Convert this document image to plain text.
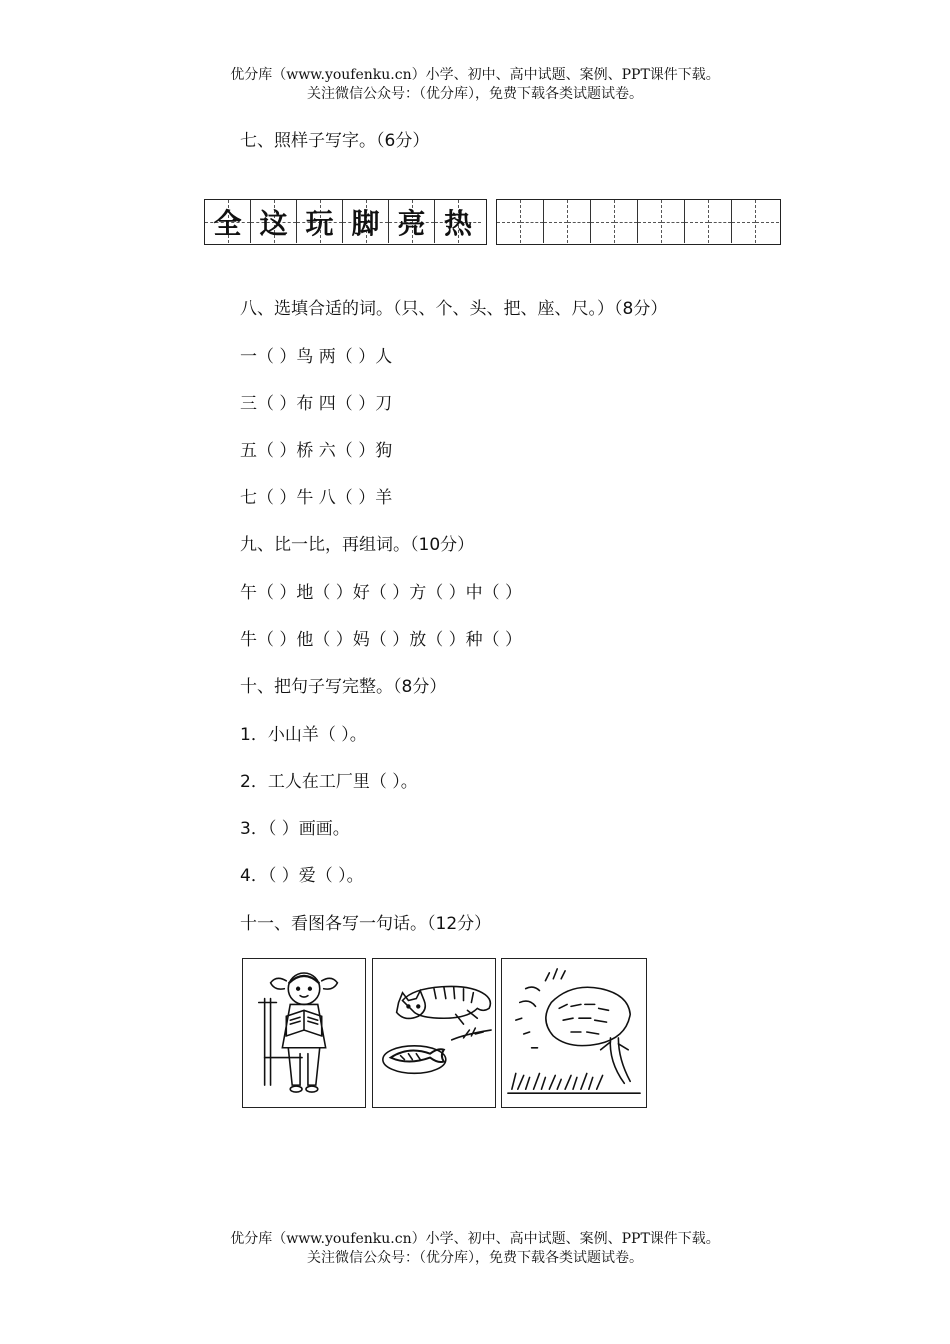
优分库（www.youfenku.cn）小学、初中、高中试题、案例、PPT课件下载。
关注微信公众号：（优分库），免费下载各类试题试卷。
七、照样子写字。（6分）
全 这 玩 脚 亮 热
八、选填合适的词。（只、个、头、把、座、尺。）（8分）
一（ ）鸟 两（ ）人
三（ ）布 四（ ）刀
五（ ）桥 六（ ）狗
七（ ）牛 八（ ）羊
九、比一比，再组词。（10分）
午（ ）地（ ）好（ ）方（ ）中（ ）
牛（ ）他（ ）妈（ ）放（ ）种（ ）
十、把句子写完整。（8分）
1．小山羊（ ）。
2．工人在工厂里（ ）。
3．（ ）画画。
4．（ ）爱（ ）。
十一、看图各写一句话。（12分）
优分库（www.youfenku.cn）小学、初中、高中试题、案例、PPT课件下载。
关注微信公众号：（优分库），免费下载各类试题试卷。
